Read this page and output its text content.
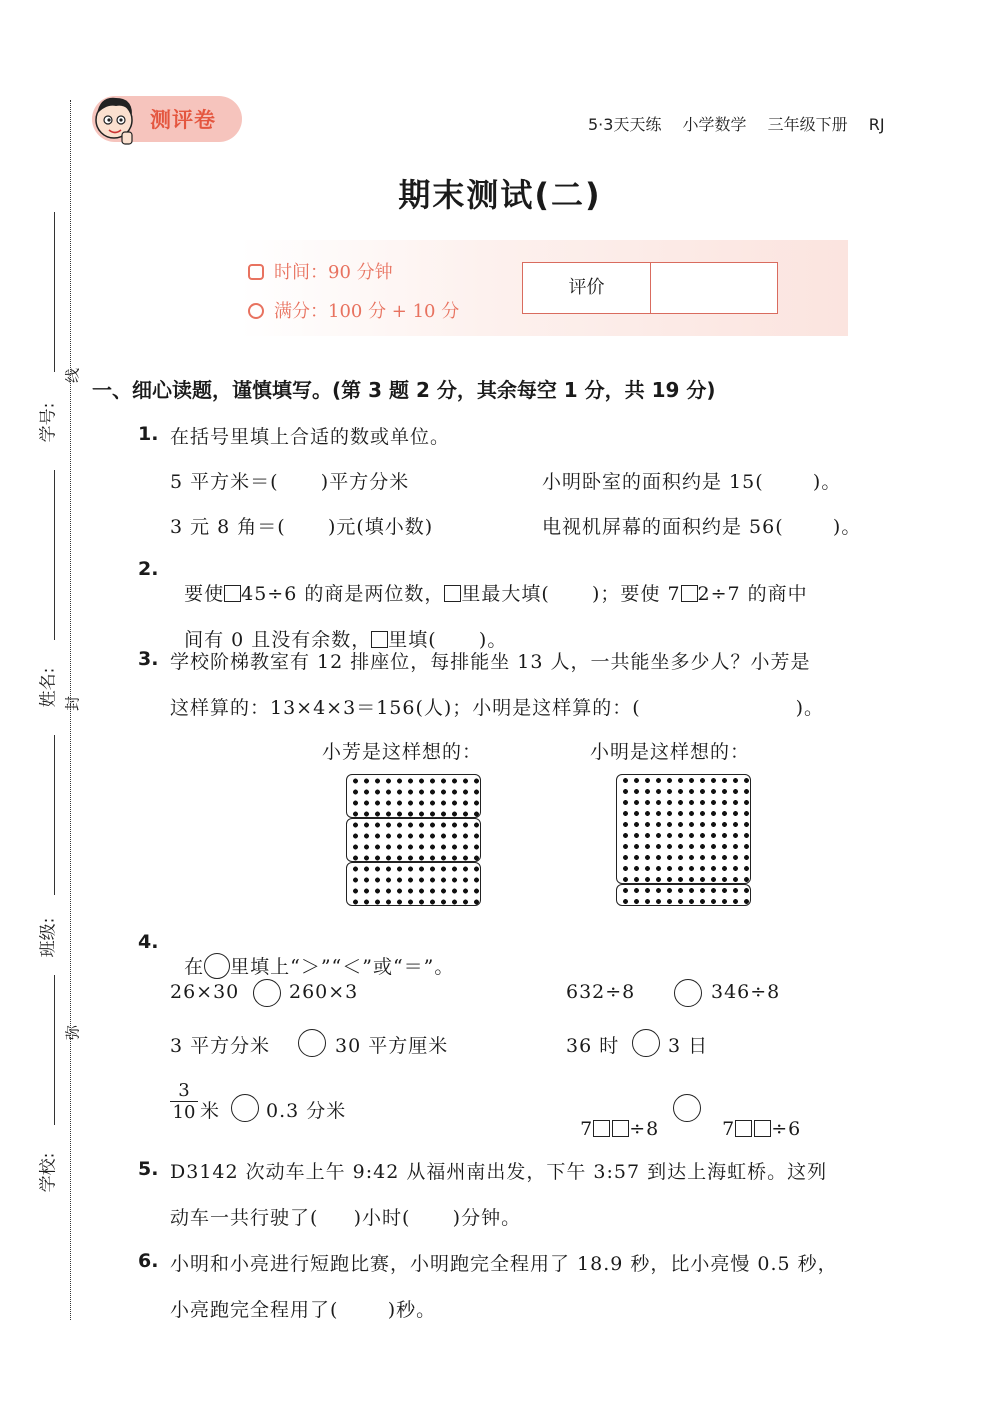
学号:
姓名:
班级:
学校:
线
封
弥
测评卷	5·3天天练 小学数学 三年级下册 RJ
期末测试(二)
时间：90 分钟
满分：100 分 + 10 分
评价
一、细心读题，谨慎填写。(第 3 题 2 分，其余每空 1 分，共 19 分)
1. 在括号里填上合适的数或单位。
5 平方米＝(      )平方分米	小明卧室的面积约是 15(       )。
3 元 8 角＝(      )元(填小数)	电视机屏幕的面积约是 56(       )。
2.

要使 45÷6 的商是两位数， 里最大填(      )；要使 7 2÷7 的商中

间有 0 且没有余数， 里填(      )。

3. 学校阶梯教室有 12 排座位，每排能坐 13 人，一共能坐多少人？小芳是
这样算的：13×4×3＝156(人)；小明是这样算的：(                      )。
小芳是这样想的：	小明是这样想的：
4.

在 里填上“＞”“＜”或“＝”。

26×30	260×3	632÷8	346÷8
3 平方分米	30 平方厘米	36 时	3 日
$\frac{3}{10}$ 米 0.3 分米

7 ÷8	7 ÷6

5. D3142 次动车上午 9:42 从福州南出发，下午 3:57 到达上海虹桥。这列
动车一共行驶了(     )小时(      )分钟。
6. 小明和小亮进行短跑比赛，小明跑完全程用了 18.9 秒，比小亮慢 0.5 秒，
小亮跑完全程用了(       )秒。
